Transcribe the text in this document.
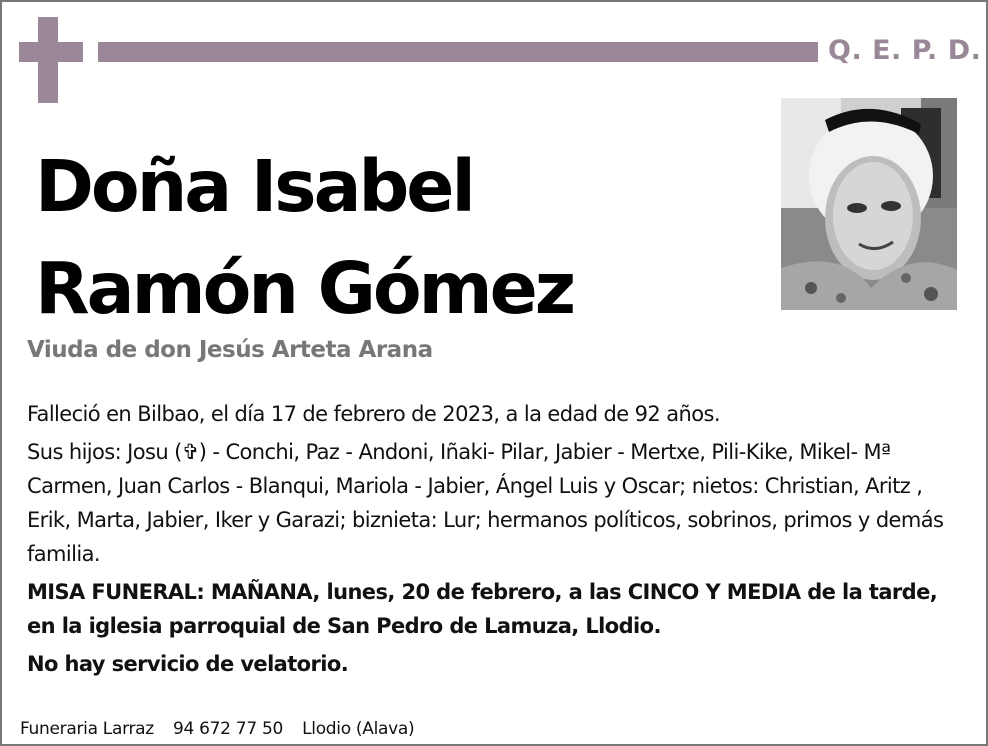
Q. E. P. D.
Doña Isabel
Ramón Gómez
Viuda de don Jesús Arteta Arana

Falleció en Bilbao, el día 17 de febrero de 2023, a la edad de 92 años.

Sus hijos: Josu (✞) - Conchi, Paz - Andoni, Iñaki- Pilar, Jabier - Mertxe, Pili-Kike, Mikel- Mª Carmen, Juan Carlos - Blanqui, Mariola - Jabier, Ángel Luis y Oscar; nietos: Christian, Aritz , Erik, Marta, Jabier, Iker y Garazi; biznieta: Lur; hermanos políticos, sobrinos, primos y demás familia.

MISA FUNERAL: MAÑANA, lunes, 20 de febrero, a las CINCO Y MEDIA de la tarde, en la iglesia parroquial de San Pedro de Lamuza, Llodio.

No hay servicio de velatorio.

Funeraria Larraz 94 672 77 50 Llodio (Alava)
